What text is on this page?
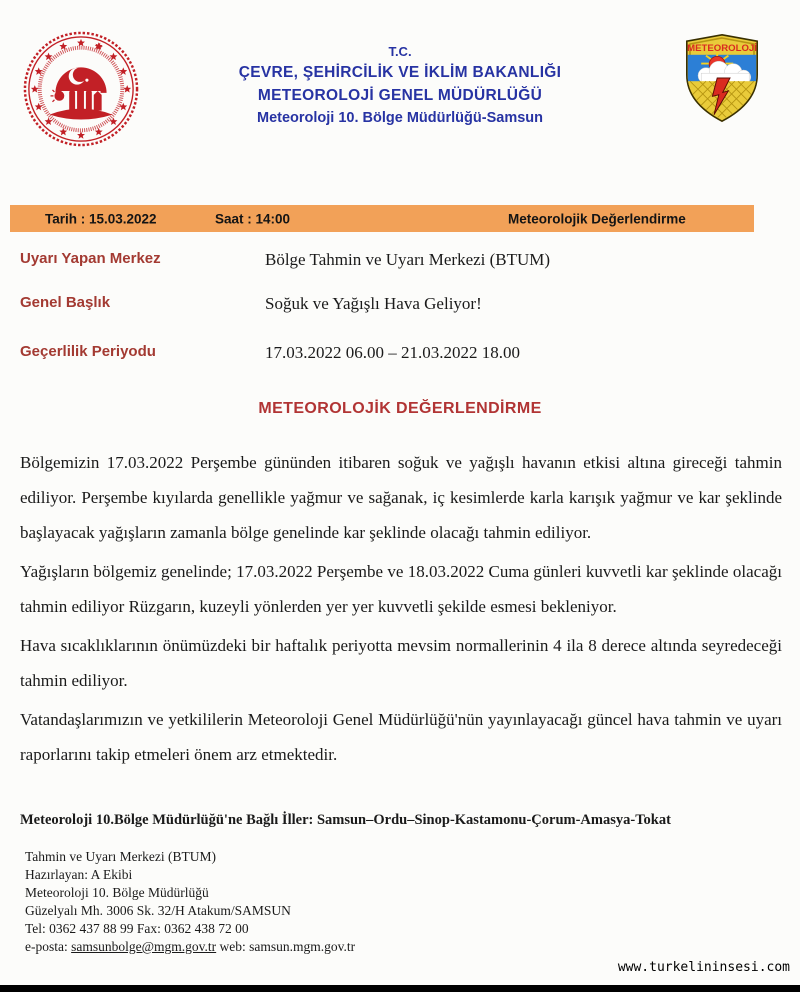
T.C.
ÇEVRE, ŞEHİRCİLİK VE İKLİM BAKANLIĞI
METEOROLOJİ GENEL MÜDÜRLÜĞÜ
Meteoroloji 10. Bölge Müdürlüğü-Samsun
METEOROLOJİ
Tarih : 15.03.2022	Saat : 14:00	Meteorolojik Değerlendirme
Uyarı Yapan Merkez	Bölge Tahmin ve Uyarı Merkezi (BTUM)
Genel Başlık	Soğuk ve Yağışlı Hava Geliyor!
Geçerlilik Periyodu	17.03.2022 06.00 – 21.03.2022 18.00
METEOROLOJİK DEĞERLENDİRME

Bölgemizin 17.03.2022 Perşembe gününden itibaren soğuk ve yağışlı havanın etkisi altına gireceği tahmin ediliyor. Perşembe kıyılarda genellikle yağmur ve sağanak, iç kesimlerde karla karışık yağmur ve kar şeklinde başlayacak yağışların zamanla bölge genelinde kar şeklinde olacağı tahmin ediliyor.

Yağışların bölgemiz genelinde; 17.03.2022 Perşembe ve 18.03.2022 Cuma günleri kuvvetli kar şeklinde olacağı tahmin ediliyor Rüzgarın, kuzeyli yönlerden yer yer kuvvetli şekilde esmesi bekleniyor.

Hava sıcaklıklarının önümüzdeki bir haftalık periyotta mevsim normallerinin 4 ila 8 derece altında seyredeceği tahmin ediliyor.

Vatandaşlarımızın ve yetkililerin Meteoroloji Genel Müdürlüğü'nün yayınlayacağı güncel hava tahmin ve uyarı raporlarını takip etmeleri önem arz etmektedir.

Meteoroloji 10.Bölge Müdürlüğü'ne Bağlı İller: Samsun–Ordu–Sinop-Kastamonu-Çorum-Amasya-Tokat
Tahmin ve Uyarı Merkezi (BTUM)
Hazırlayan: A Ekibi
Meteoroloji 10. Bölge Müdürlüğü
Güzelyalı Mh. 3006 Sk. 32/H Atakum/SAMSUN
Tel: 0362 437 88 99 Fax: 0362 438 72 00
e-posta: samsunbolge@mgm.gov.tr web: samsun.mgm.gov.tr
www.turkelininsesi.com
